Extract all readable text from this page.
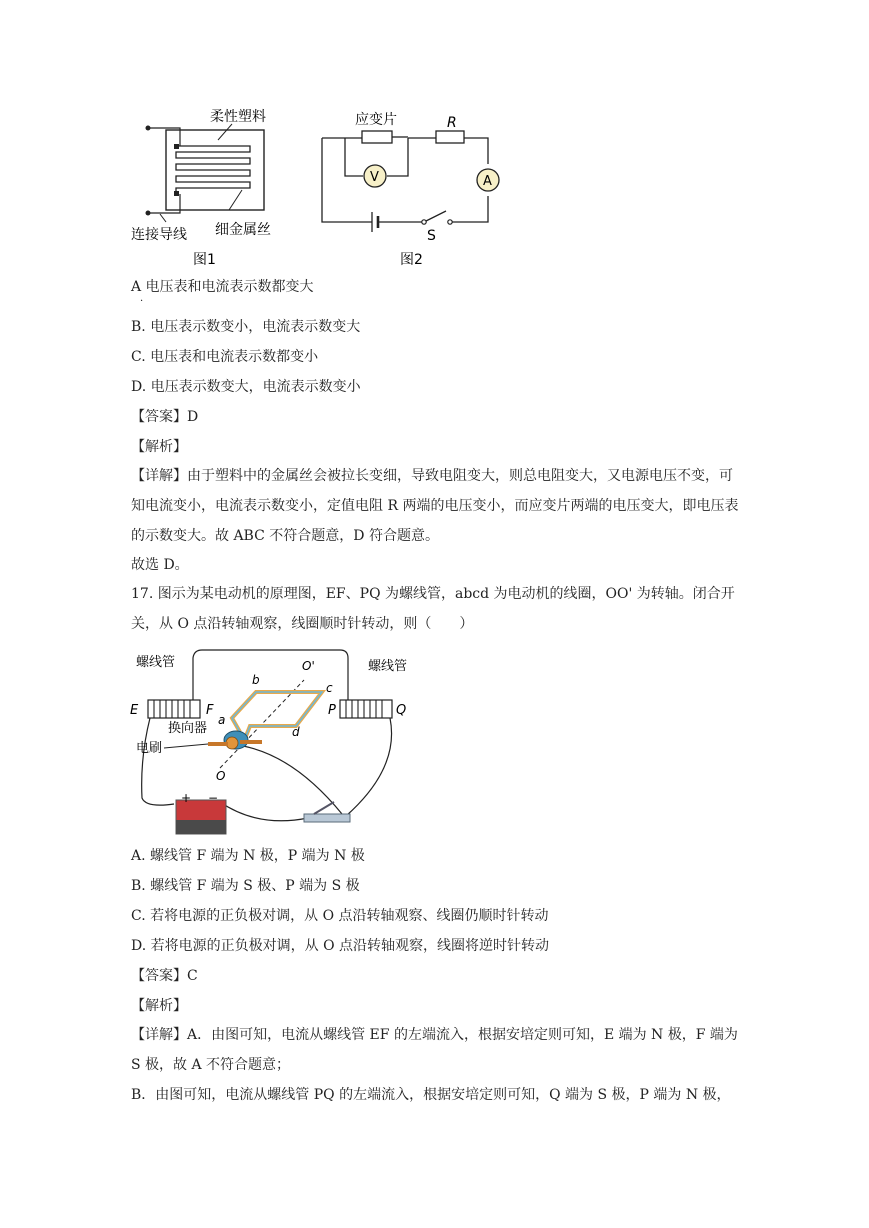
柔性塑料
细金属丝
连接导线
图1
V
R
A
S
应变片
图2
A 电压表和电流表示数都变大
·
B. 电压表示数变小，电流表示数变大
C. 电压表和电流表示数都变小
D. 电压表示数变大，电流表示数变小
【答案】D
【解析】
【详解】由于塑料中的金属丝会被拉长变细，导致电阻变大，则总电阻变大，又电源电压不变，可知电流变小，电流表示数变小，定值电阻 R 两端的电压变小，而应变片两端的电压变大，即电压表的示数变大。故 ABC 不符合题意，D 符合题意。
故选 D。
17. 图示为某电动机的原理图，EF、PQ 为螺线管，abcd 为电动机的线圈，OO' 为转轴。闭合开关，从 O 点沿转轴观察，线圈顺时针转动，则（　　）
+ −
螺线管	螺线管
E	F	P	Q
a
b
c
d
O'
O
换向器
电刷
A. 螺线管 F 端为 N 极，P 端为 N 极
B. 螺线管 F 端为 S 极、P 端为 S 极
C. 若将电源的正负极对调，从 O 点沿转轴观察、线圈仍顺时针转动
D. 若将电源的正负极对调，从 O 点沿转轴观察，线圈将逆时针转动
【答案】C
【解析】
【详解】A．由图可知，电流从螺线管 EF 的左端流入，根据安培定则可知，E 端为 N 极，F 端为 S 极，故 A 不符合题意；
B．由图可知，电流从螺线管 PQ 的左端流入，根据安培定则可知，Q 端为 S 极，P 端为 N 极，
